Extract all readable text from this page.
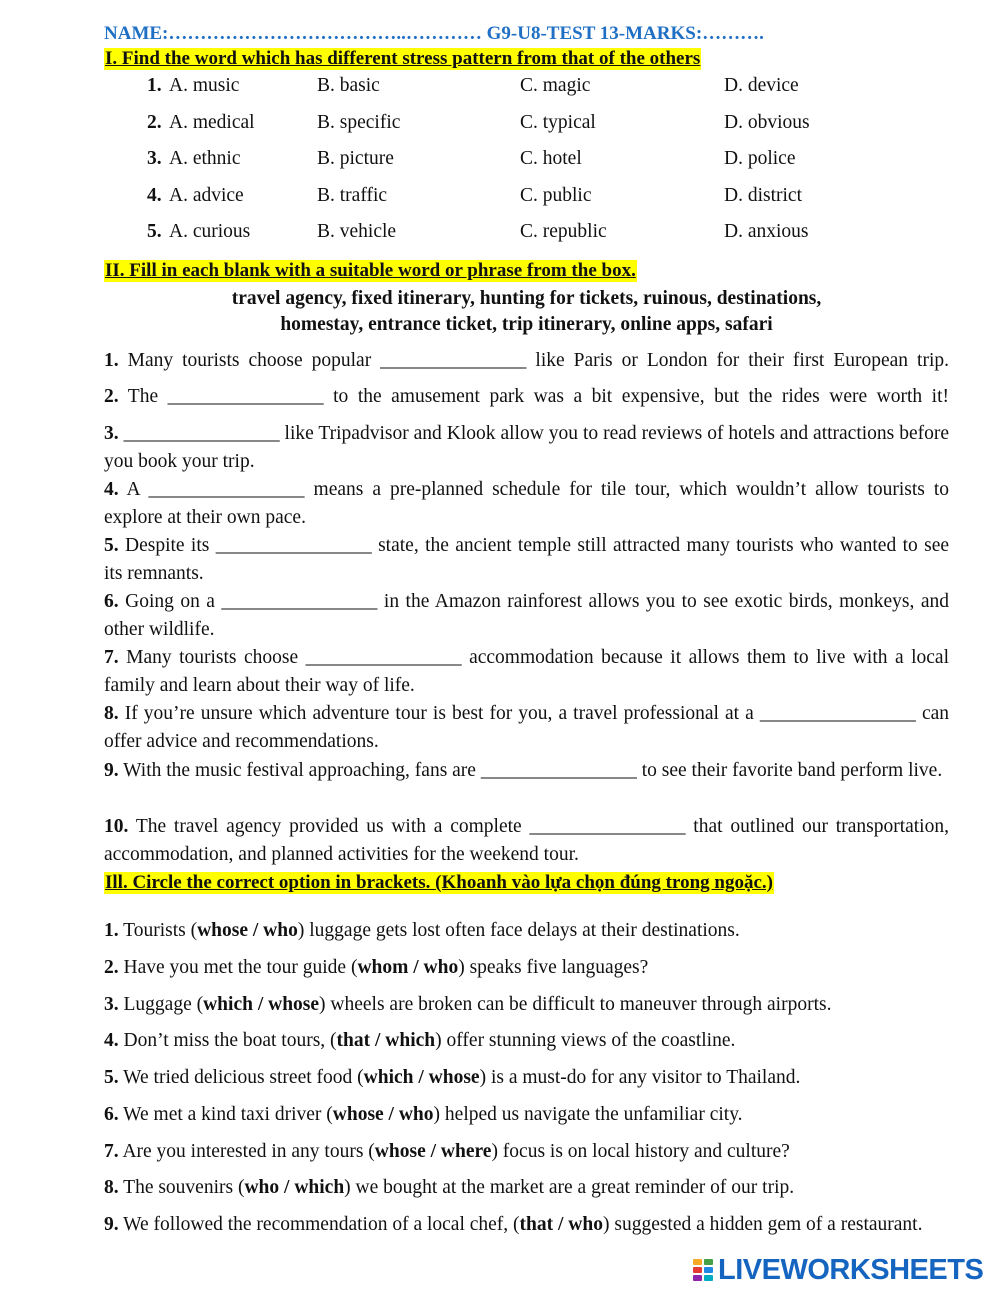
NAME:………………………………..………… G9-U8-TEST 13-MARKS:……….
I. Find the word which has different stress pattern from that of the others
1. A. music	B. basic	C. magic	D. device
2. A. medical	B. specific	C. typical	D. obvious
3. A. ethnic	B. picture	C. hotel	D. police
4. A. advice	B. traffic	C. public	D. district
5. A. curious	B. vehicle	C. republic	D. anxious
II. Fill in each blank with a suitable word or phrase from the box.
travel agency, fixed itinerary, hunting for tickets, ruinous, destinations,
homestay, entrance ticket, trip itinerary, online apps, safari
1. Many tourists choose popular _______________ like Paris or London for their first European trip.
2. The ________________ to the amusement park was a bit expensive, but the rides were worth it!
3. ________________ like Tripadvisor and Klook allow you to read reviews of hotels and attractions before you book your trip.
4. A ________________ means a pre-planned schedule for tile tour, which wouldn’t allow tourists to explore at their own pace.
5. Despite its ________________ state, the ancient temple still attracted many tourists who wanted to see its remnants.
6. Going on a ________________ in the Amazon rainforest allows you to see exotic birds, monkeys, and other wildlife.
7. Many tourists choose ________________ accommodation because it allows them to live with a local family and learn about their way of life.
8. If you’re unsure which adventure tour is best for you, a travel professional at a ________________ can offer advice and recommendations.
9. With the music festival approaching, fans are ________________ to see their favorite band perform live.
10. The travel agency provided us with a complete ________________ that outlined our transportation, accommodation, and planned activities for the weekend tour.
Ill. Circle the correct option in brackets. (Khoanh vào lựa chọn đúng trong ngoặc.)
1. Tourists (whose / who) luggage gets lost often face delays at their destinations.
2. Have you met the tour guide (whom / who) speaks five languages?
3. Luggage (which / whose) wheels are broken can be difficult to maneuver through airports.
4. Don’t miss the boat tours, (that / which) offer stunning views of the coastline.
5. We tried delicious street food (which / whose) is a must-do for any visitor to Thailand.
6. We met a kind taxi driver (whose / who) helped us navigate the unfamiliar city.
7. Are you interested in any tours (whose / where) focus is on local history and culture?
8. The souvenirs (who / which) we bought at the market are a great reminder of our trip.
9. We followed the recommendation of a local chef, (that / who) suggested a hidden gem of a restaurant.
LIVEWORKSHEETS
